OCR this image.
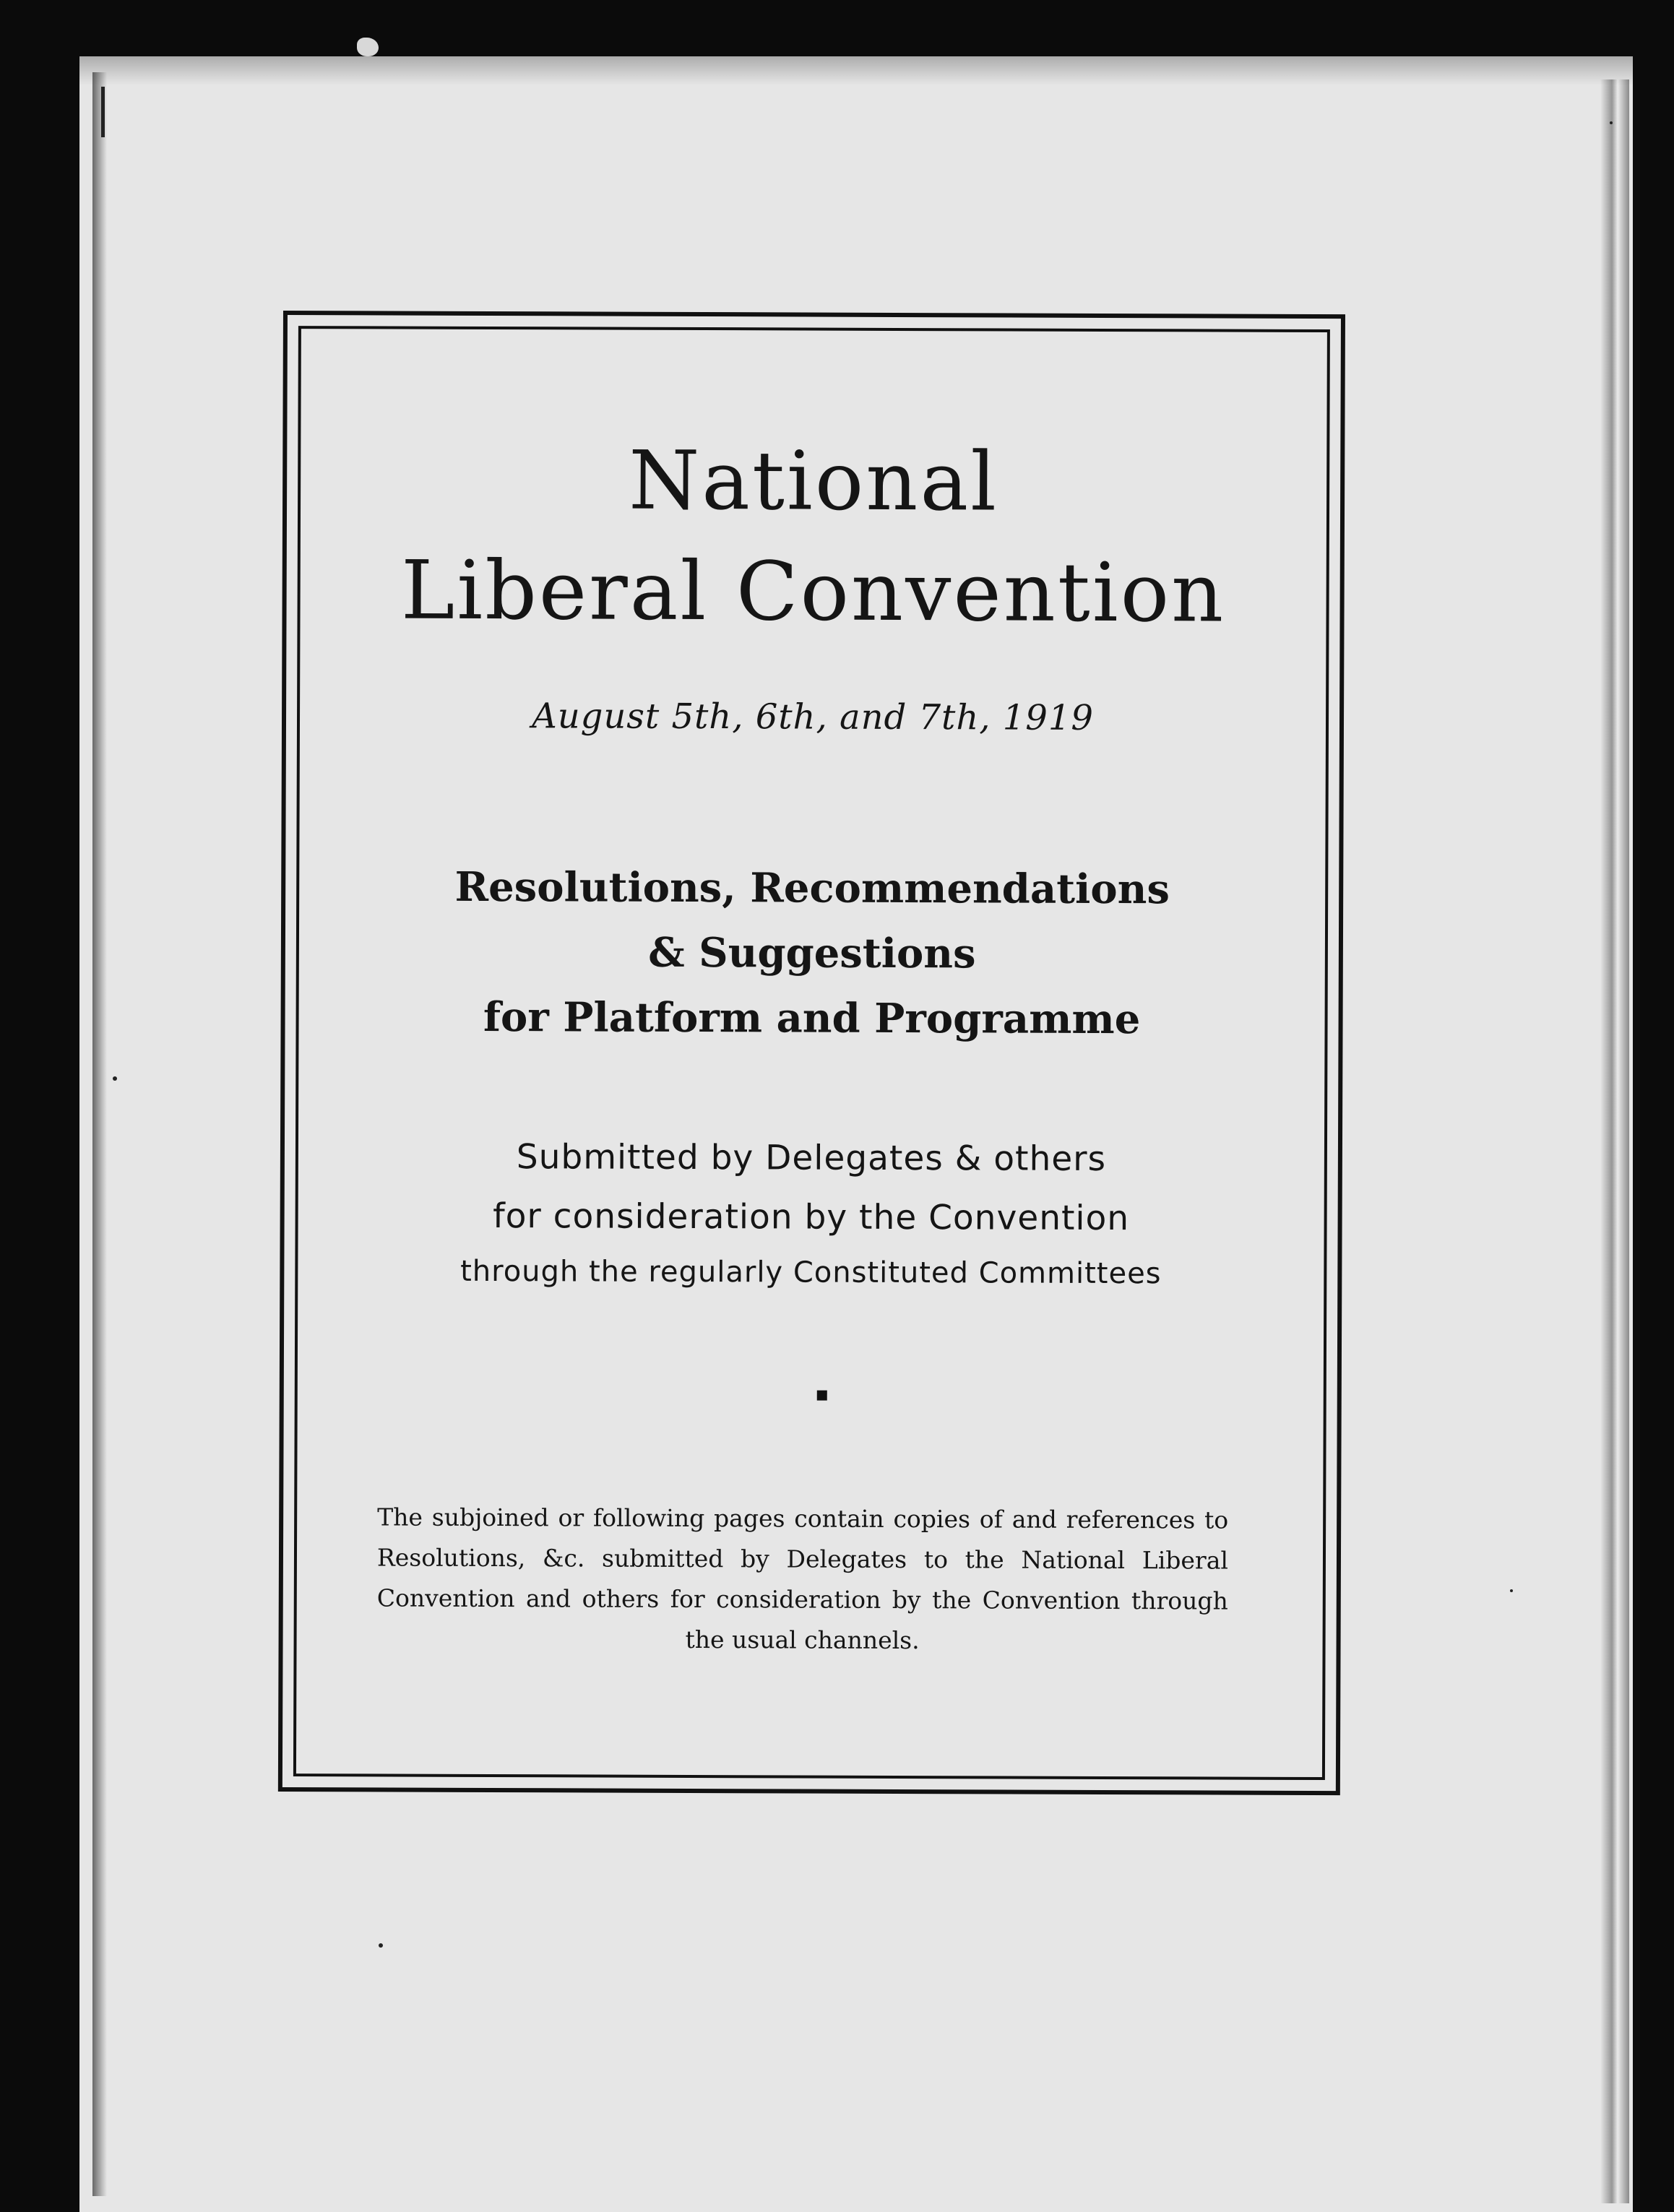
National
Liberal Convention
August 5th, 6th, and 7th, 1919
Resolutions, Recommendations
& Suggestions
for Platform and Programme
Submitted by Delegates & others
for consideration by the Convention
through the regularly Constituted Committees
The subjoined or following pages contain copies of and references to Resolutions, &c. submitted by Delegates to the National Liberal Convention and others for consideration by the Convention through the usual channels.
